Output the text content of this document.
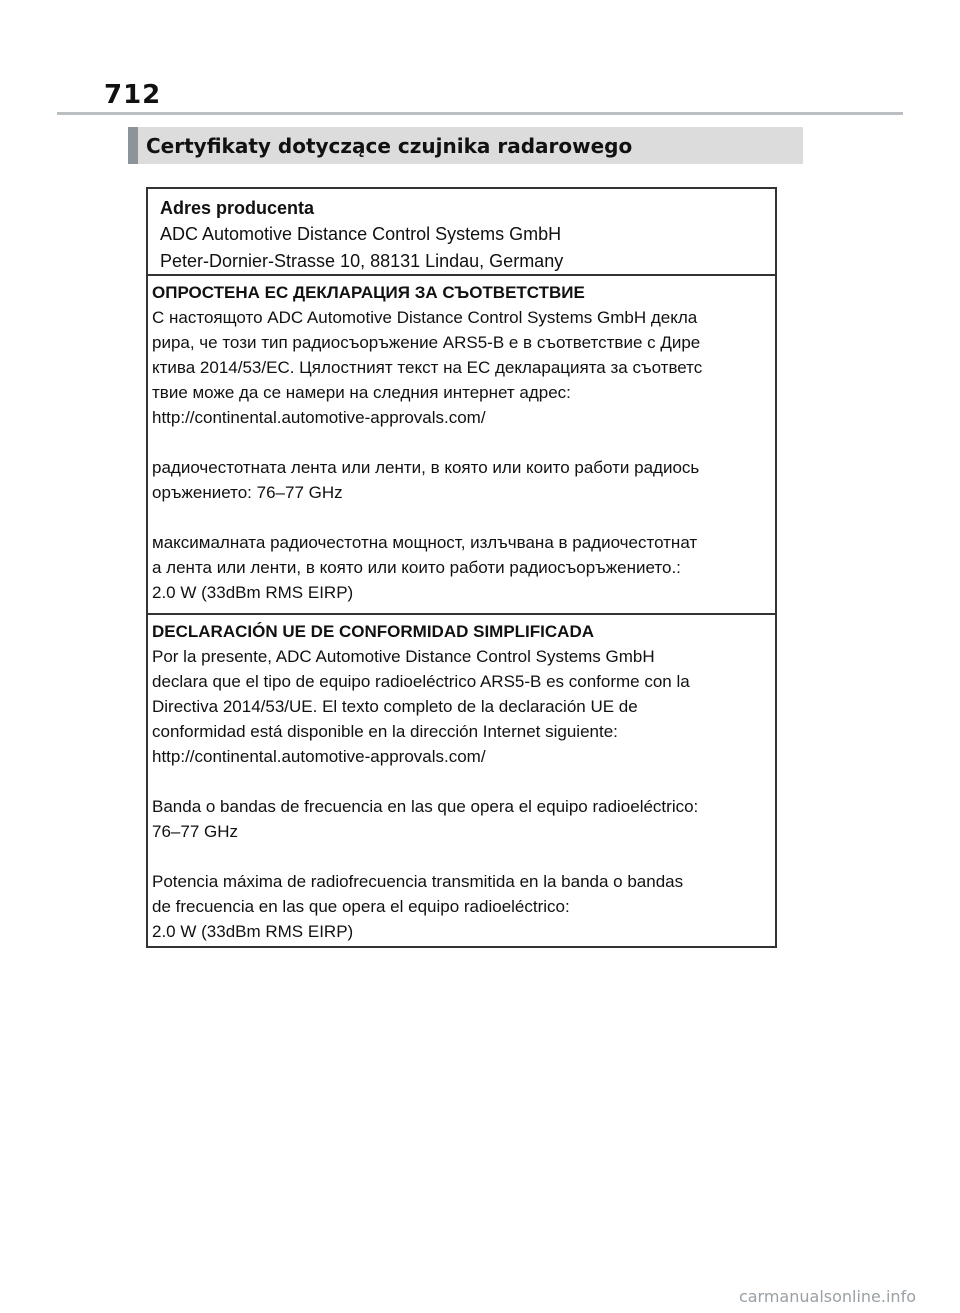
712
Certyfikaty dotyczące czujnika radarowego
Adres producenta
ADC Automotive Distance Control Systems GmbH
Peter-Dornier-Strasse 10, 88131 Lindau, Germany
ОПРОСТЕНА ЕС ДЕКЛАРАЦИЯ ЗА СЪОТВЕТСТВИЕ
С настоящото ADC Automotive Distance Control Systems GmbH декла
рира, че този тип радиосъоръжение ARS5-B е в съответствие с Дире
ктива 2014/53/ЕС. Цялостният текст на ЕС декларацията за съответс
твие може да се намери на следния интернет адрес:
http://continental.automotive-approvals.com/
радиочестотната лента или ленти, в която или които работи радиось
оръжението: 76–77 GHz
максималната радиочестотна мощност, излъчвана в радиочестотнат
а лента или ленти, в която или които работи радиосъоръжението.:
2.0 W (33dBm RMS EIRP)
DECLARACIÓN UE DE CONFORMIDAD SIMPLIFICADA
Por la presente, ADC Automotive Distance Control Systems GmbH
declara que el tipo de equipo radioeléctrico ARS5-B es conforme con la
Directiva 2014/53/UE. El texto completo de la declaración UE de
conformidad está disponible en la dirección Internet siguiente:
http://continental.automotive-approvals.com/
Banda o bandas de frecuencia en las que opera el equipo radioeléctrico:
76–77 GHz
Potencia máxima de radiofrecuencia transmitida en la banda o bandas
de frecuencia en las que opera el equipo radioeléctrico:
2.0 W (33dBm RMS EIRP)
carmanualsonline.info
